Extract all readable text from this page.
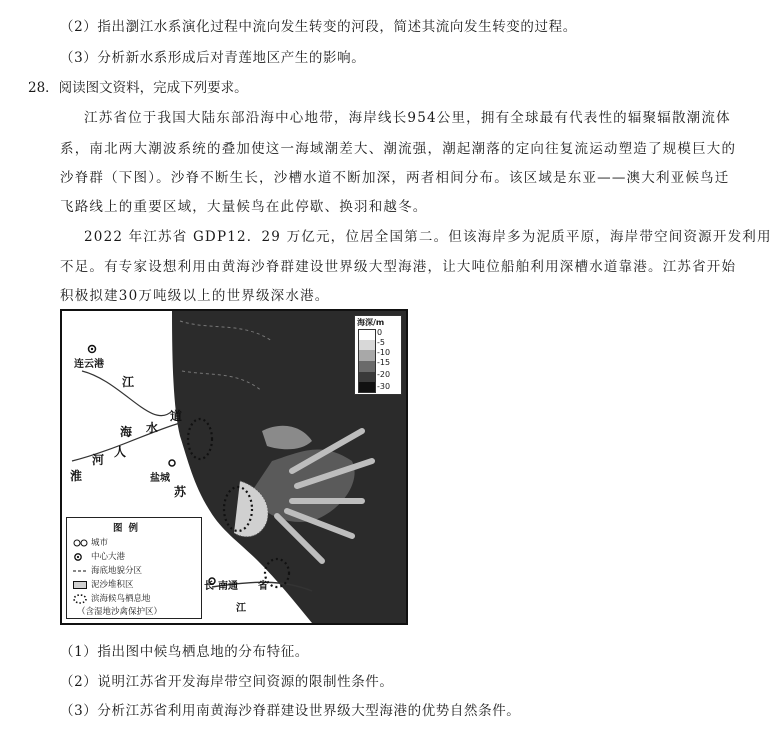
（2）指出瀏江水系演化过程中流向发生转变的河段，简述其流向发生转变的过程。
（3）分析新水系形成后对青莲地区产生的影响。
28．阅读图文资料，完成下列要求。
江苏省位于我国大陆东部沿海中心地带，海岸线长954公里，拥有全球最有代表性的辐聚辐散潮流体
系，南北两大潮波系统的叠加使这一海域潮差大、潮流强，潮起潮落的定向往复流运动塑造了规模巨大的
沙脊群（下图）。沙脊不断生长，沙槽水道不断加深，两者相间分布。该区域是东亚——澳大利亚候鸟迁
飞路线上的重要区域，大量候鸟在此停歇、换羽和越冬。
2022 年江苏省 GDP12．29 万亿元，位居全国第二。但该海岸多为泥质平原，海岸带空间资源开发利用
不足。有专家设想利用由黄海沙脊群建设世界级大型海港，让大吨位船舶利用深槽水道靠港。江苏省开始
积极拟建30万吨级以上的世界级深水港。
连云港
江
道
水
海
人
河
淮	盐城
苏
长 南通 省
江
海深/m
0
-5
-10
-15
-20
-30
图例
城市
中心大港
海底地貌分区
泥沙堆积区
滨海候鸟栖息地
（含湿地沙禽保护区）
（1）指出图中候鸟栖息地的分布特征。
（2）说明江苏省开发海岸带空间资源的限制性条件。
（3）分析江苏省利用南黄海沙脊群建设世界级大型海港的优势自然条件。
